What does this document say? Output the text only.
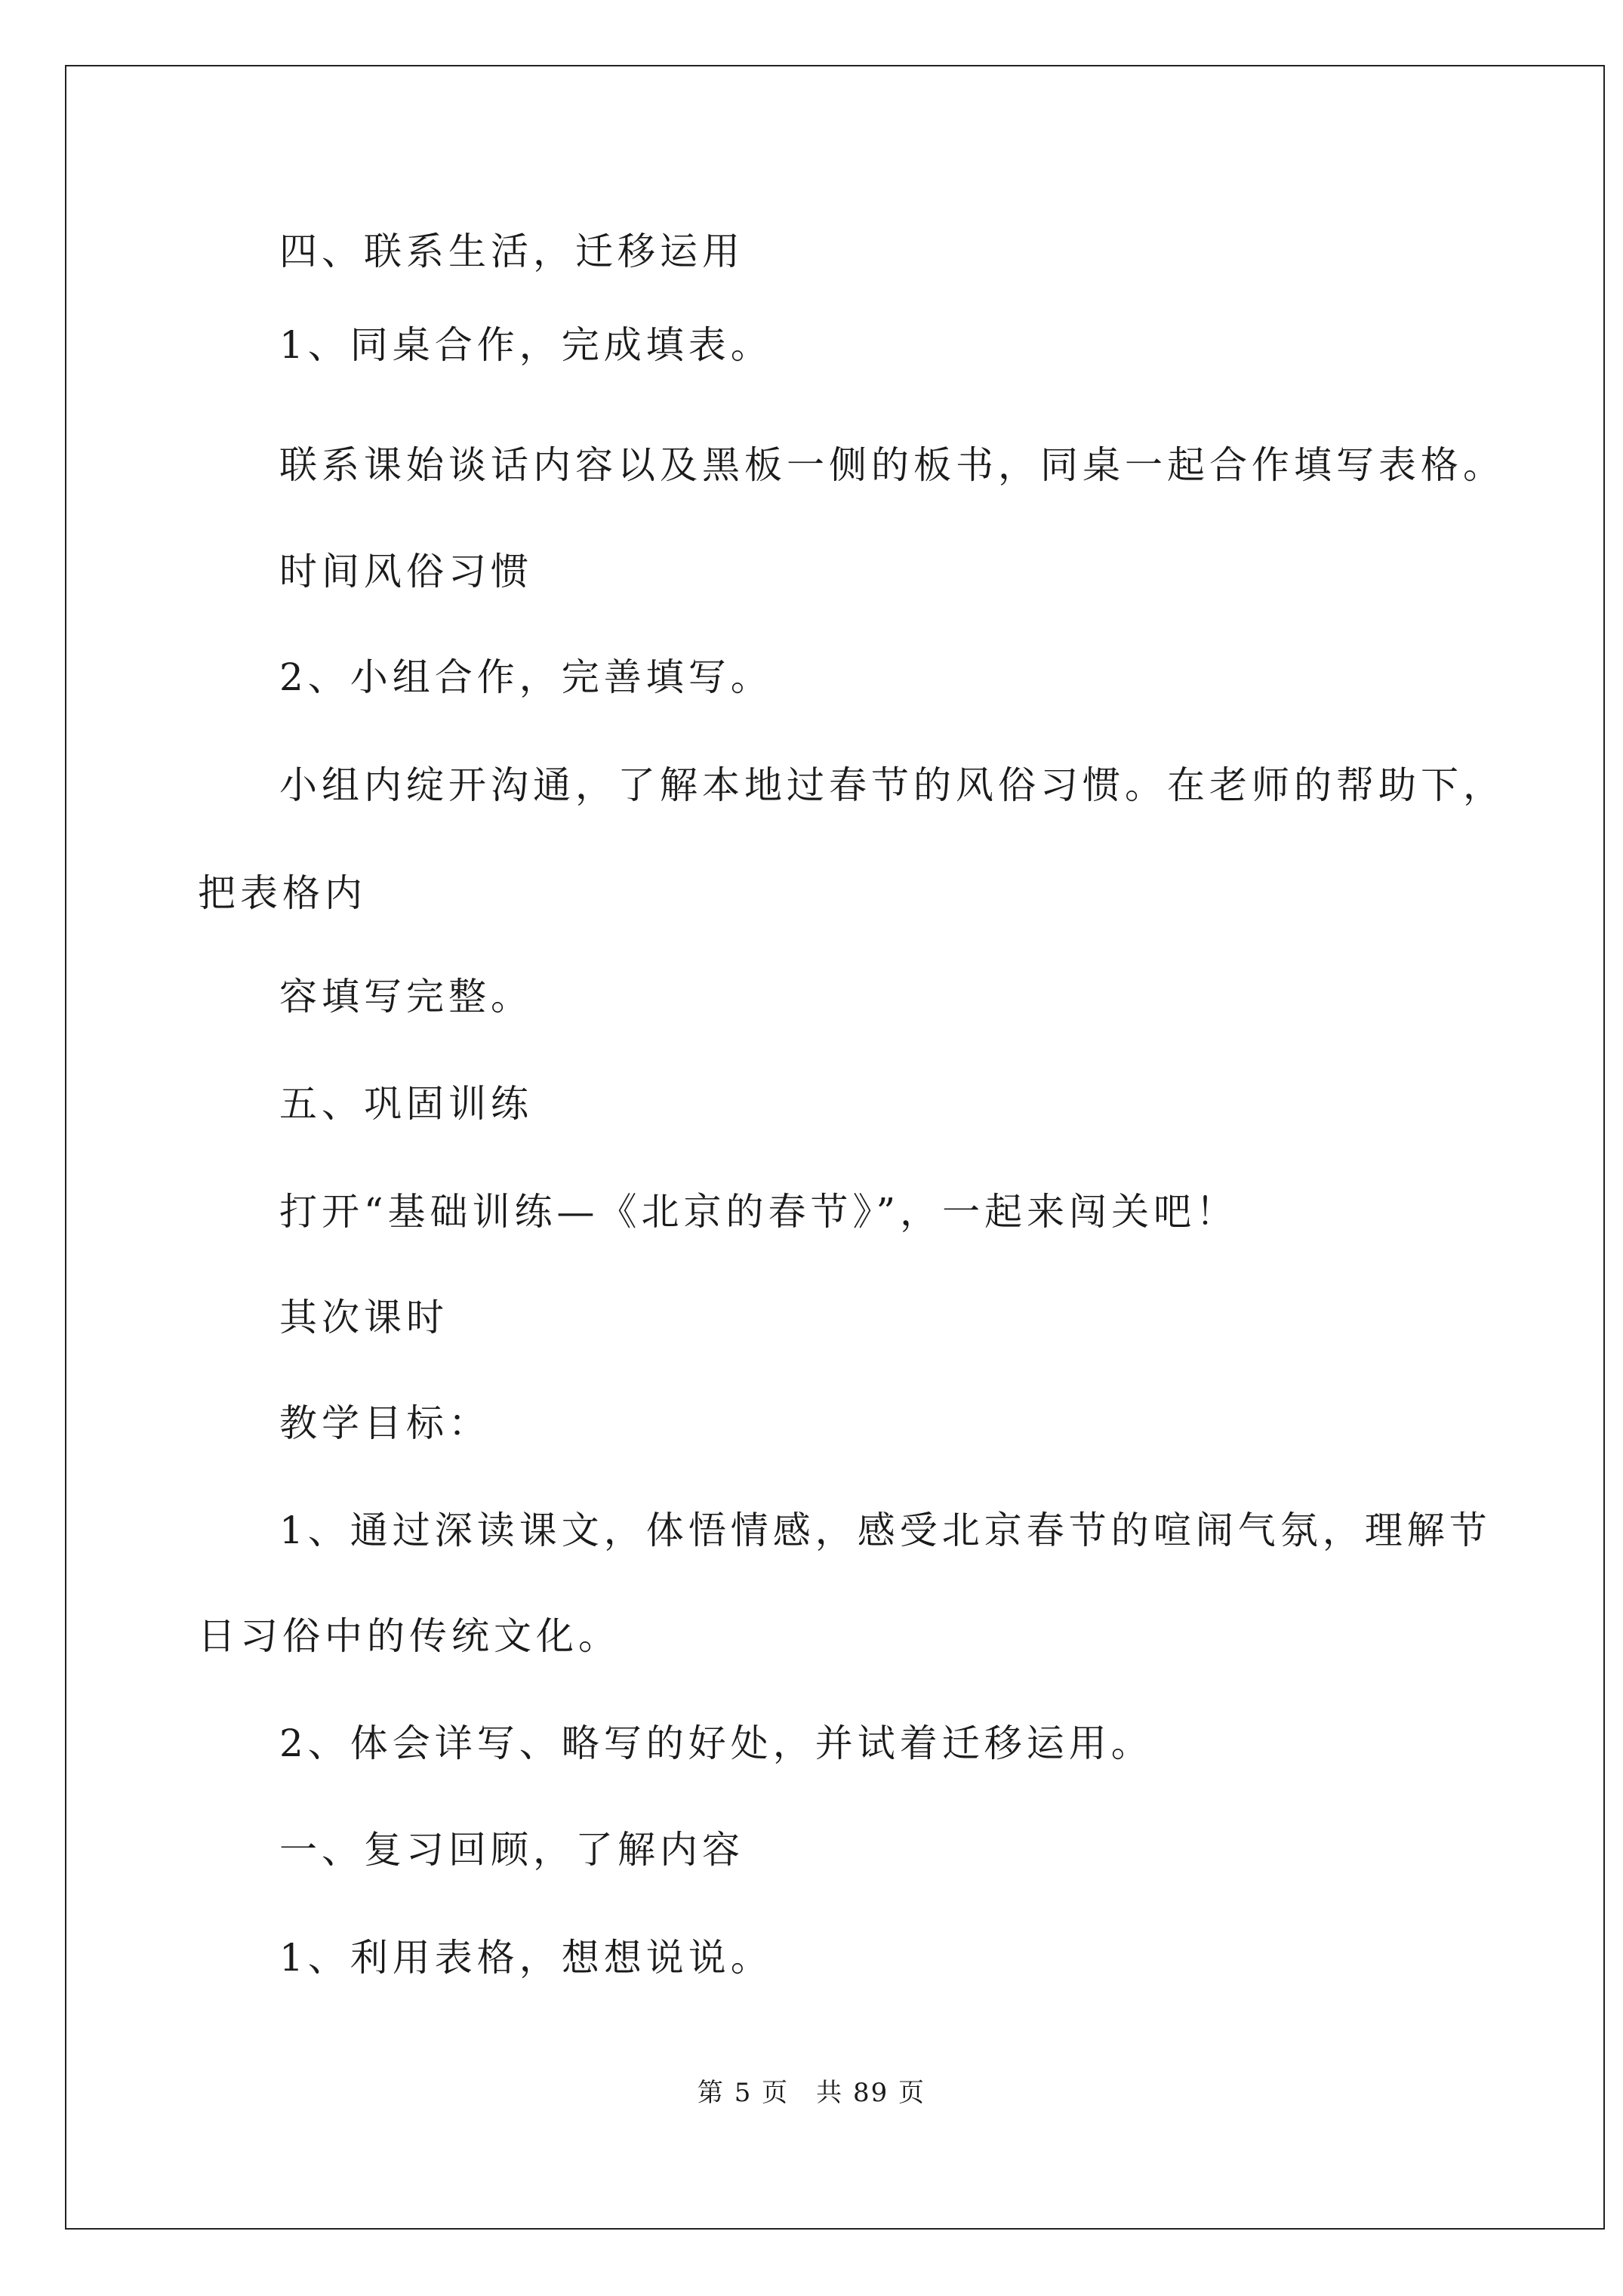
四、联系生活，迁移运用
1、同桌合作，完成填表。
联系课始谈话内容以及黑板一侧的板书，同桌一起合作填写表格。
时间风俗习惯
2、小组合作，完善填写。
小组内绽开沟通，了解本地过春节的风俗习惯。在老师的帮助下，
把表格内
容填写完整。
五、巩固训练
打开“基础训练—《北京的春节》”，一起来闯关吧！
其次课时
教学目标：
1、通过深读课文，体悟情感，感受北京春节的喧闹气氛，理解节
日习俗中的传统文化。
2、体会详写、略写的好处，并试着迁移运用。
一、复习回顾，了解内容
1、利用表格，想想说说。
第 5 页 共 89 页
